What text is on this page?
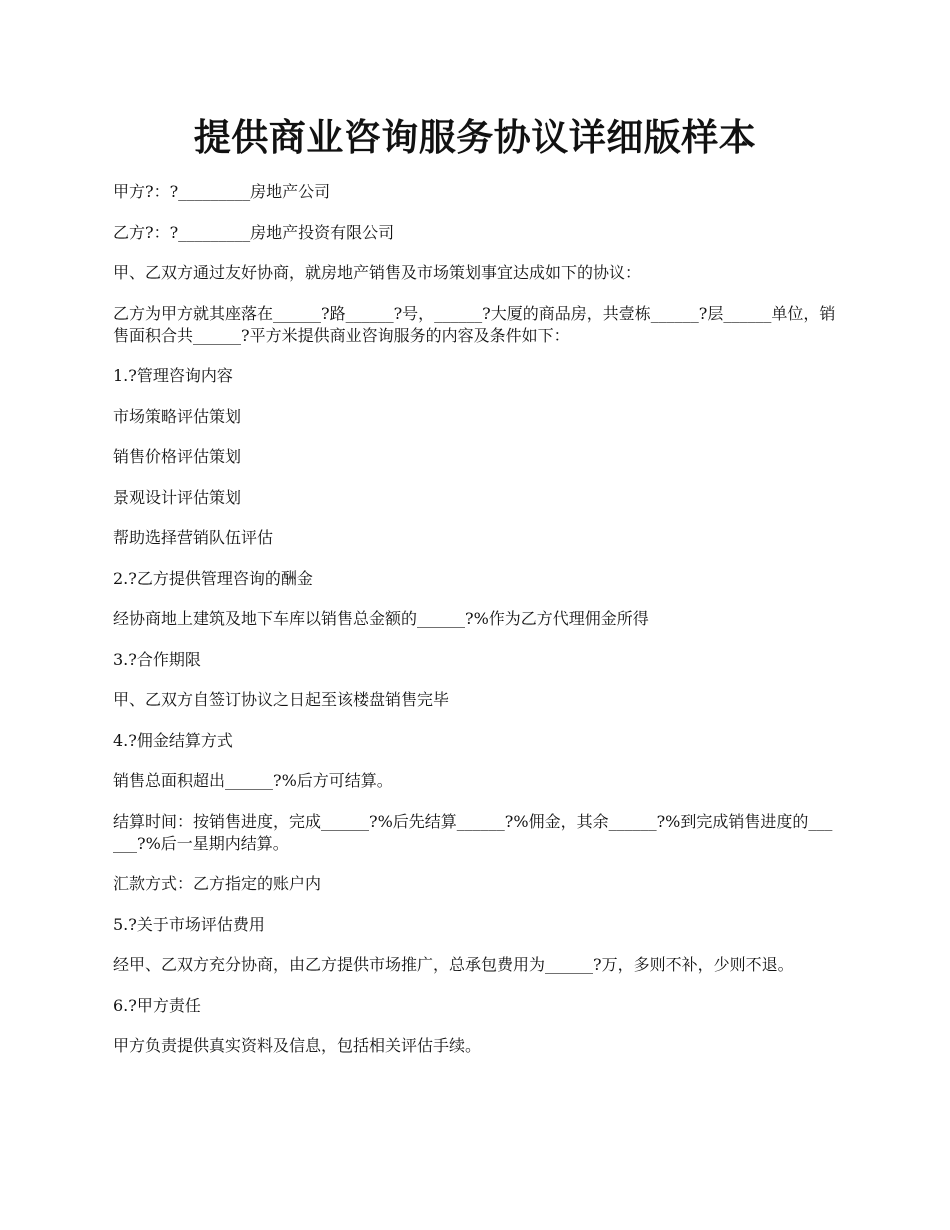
提供商业咨询服务协议详细版样本

甲方?：?_________房地产公司

乙方?：?_________房地产投资有限公司

甲、乙双方通过友好协商，就房地产销售及市场策划事宜达成如下的协议：

乙方为甲方就其座落在______?路______?号，______?大厦的商品房，共壹栋______?层______单位，销售面积合共______?平方米提供商业咨询服务的内容及条件如下：

1.?管理咨询内容

市场策略评估策划

销售价格评估策划

景观设计评估策划

帮助选择营销队伍评估

2.?乙方提供管理咨询的酬金

经协商地上建筑及地下车库以销售总金额的______?%作为乙方代理佣金所得

3.?合作期限

甲、乙双方自签订协议之日起至该楼盘销售完毕

4.?佣金结算方式

销售总面积超出______?%后方可结算。

结算时间：按销售进度，完成______?%后先结算______?%佣金，其余______?%到完成销售进度的______?%后一星期内结算。

汇款方式：乙方指定的账户内

5.?关于市场评估费用

经甲、乙双方充分协商，由乙方提供市场推广，总承包费用为______?万，多则不补，少则不退。

6.?甲方责任

甲方负责提供真实资料及信息，包括相关评估手续。
